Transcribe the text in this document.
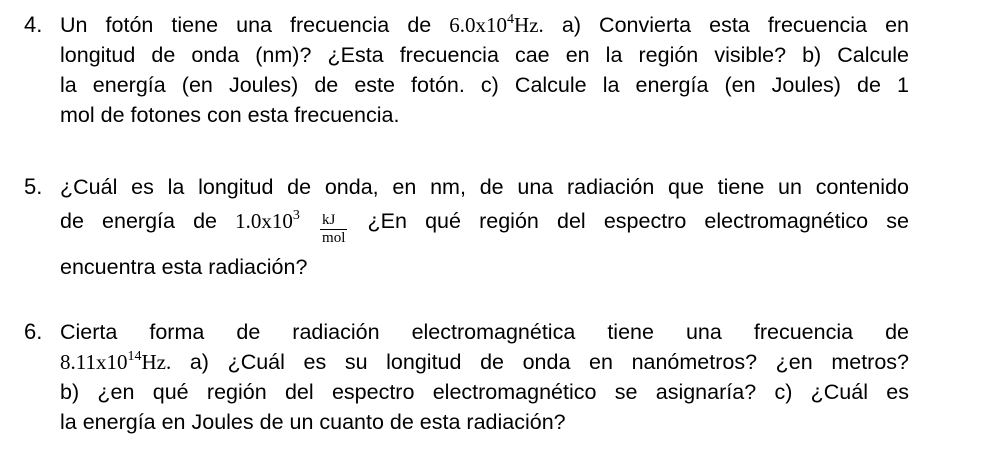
4. Un fotón tiene una frecuencia de $6.0x10^4Hz$. a) Convierta esta frecuencia en
longitud de onda (nm)? ¿Esta frecuencia cae en la región visible? b) Calcule
la energía (en Joules) de este fotón. c) Calcule la energía (en Joules) de 1
mol de fotones con esta frecuencia.
5. ¿Cuál es la longitud de onda, en nm, de una radiación que tiene un contenido
de energía de $1.0x10^3 \frac{kJ}{\text{mol}}$ ¿En qué región del espectro electromagnético se
encuentra esta radiación?
6. Cierta forma de radiación electromagnética tiene una frecuencia de
$8.11x10^{14}Hz$. a) ¿Cuál es su longitud de onda en nanómetros? ¿en metros?
b) ¿en qué región del espectro electromagnético se asignaría? c) ¿Cuál es
la energía en Joules de un cuanto de esta radiación?
